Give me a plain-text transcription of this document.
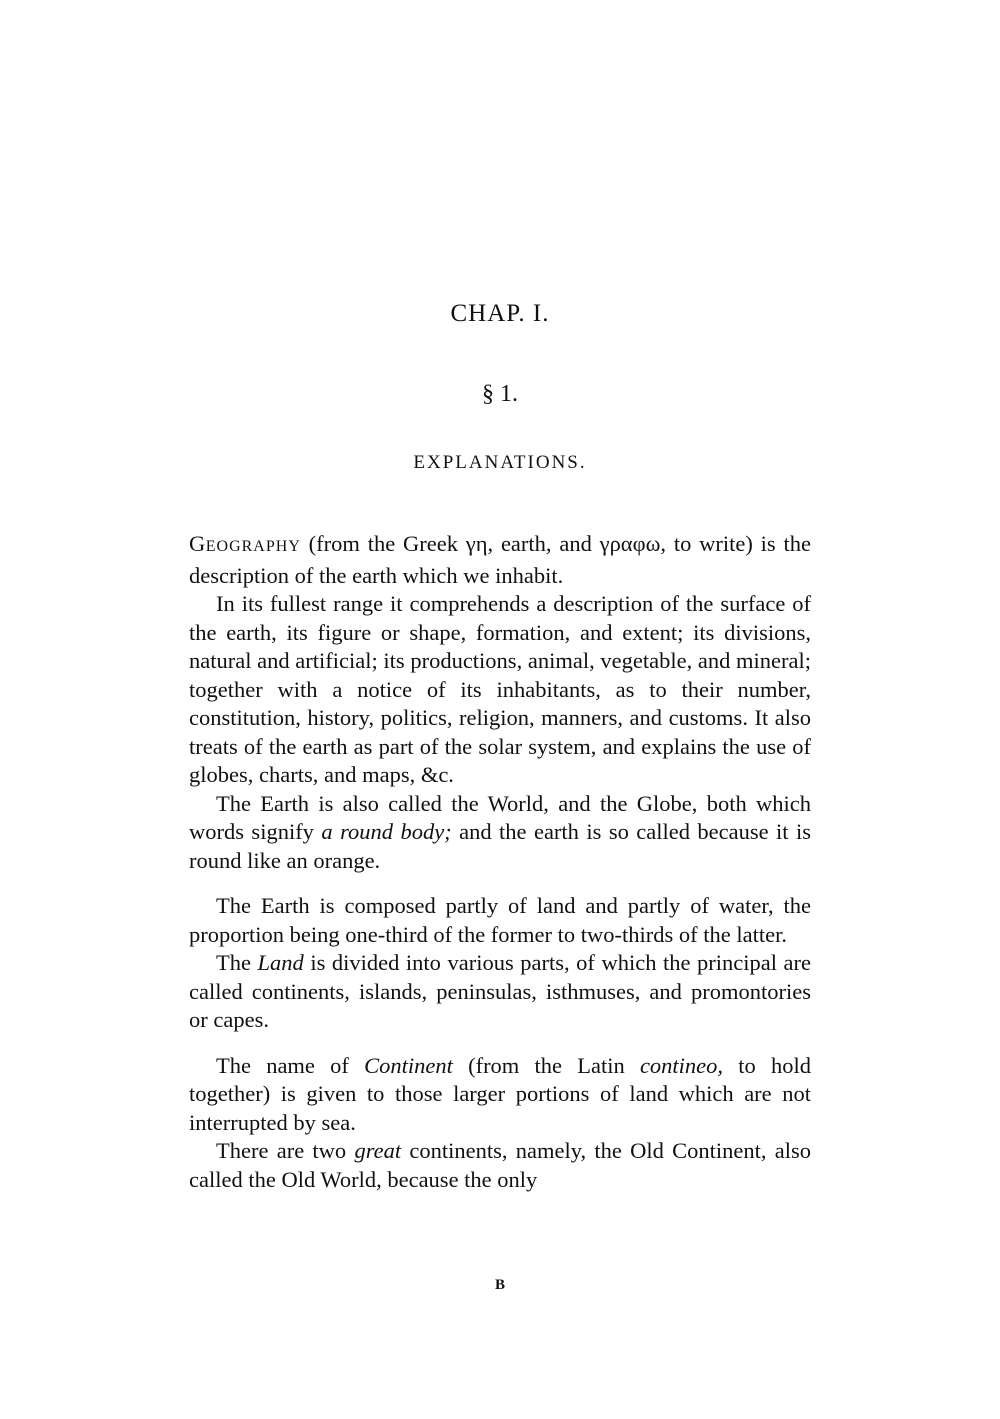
CHAP. I.
§ 1.
EXPLANATIONS.

GEOGRAPHY (from the Greek γη, earth, and γραφω, to write) is the description of the earth which we inhabit.

In its fullest range it comprehends a description of the surface of the earth, its figure or shape, formation, and extent; its divisions, natural and artificial; its productions, animal, vegetable, and mineral; together with a notice of its inhabitants, as to their number, constitution, history, politics, religion, manners, and customs. It also treats of the earth as part of the solar system, and explains the use of globes, charts, and maps, &c.

The Earth is also called the World, and the Globe, both which words signify a round body; and the earth is so called because it is round like an orange.

The Earth is composed partly of land and partly of water, the proportion being one-third of the former to two-thirds of the latter.

The Land is divided into various parts, of which the principal are called continents, islands, peninsulas, isthmuses, and promontories or capes.

The name of Continent (from the Latin contineo, to hold together) is given to those larger portions of land which are not interrupted by sea.

There are two great continents, namely, the Old Continent, also called the Old World, because the only

B
